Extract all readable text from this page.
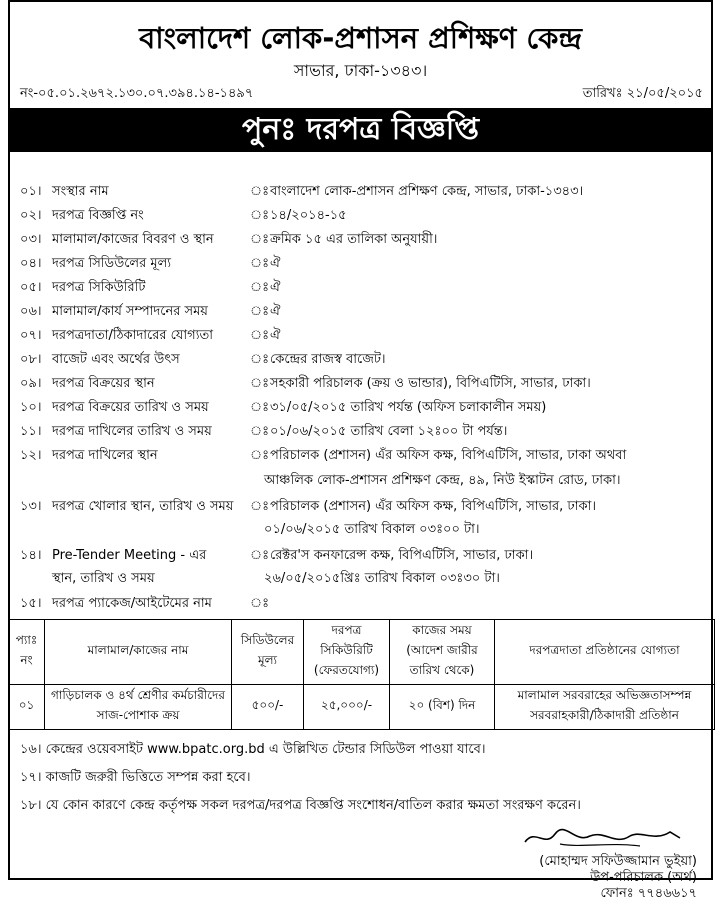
বাংলাদেশ লোক-প্রশাসন প্রশিক্ষণ কেন্দ্র
সাভার, ঢাকা-১৩৪৩।
নং-০৫.০১.২৬৭২.১৩০.০৭.৩৯৪.১৪-১৪৯৭	তারিখঃ ২১/০৫/২০১৫
পুনঃ দরপত্র বিজ্ঞপ্তি
০১। সংস্থার নাম	ঃবাংলাদেশ লোক-প্রশাসন প্রশিক্ষণ কেন্দ্র, সাভার, ঢাকা-১৩৪৩।
০২। দরপত্র বিজ্ঞপ্তি নং	ঃ১৪/২০১৪-১৫
০৩। মালামাল/কাজের বিবরণ ও স্থান	ঃক্রমিক ১৫ এর তালিকা অনুযায়ী।
০৪। দরপত্র সিডিউলের মূল্য	ঃঐ
০৫। দরপত্র সিকিউরিটি	ঃঐ
০৬। মালামাল/কার্য সম্পাদনের সময়	ঃঐ
০৭। দরপত্রদাতা/ঠিকাদারের যোগ্যতা	ঃঐ
০৮। বাজেট এবং অর্থের উৎস	ঃকেন্দ্রের রাজস্ব বাজেট।
০৯। দরপত্র বিক্রয়ের স্থান	ঃসহকারী পরিচালক (ক্রয় ও ভান্ডার), বিপিএটিসি, সাভার, ঢাকা।
১০। দরপত্র বিক্রয়ের তারিখ ও সময়	ঃ৩১/০৫/২০১৫ তারিখ পর্যন্ত (অফিস চলাকালীন সময়)
১১। দরপত্র দাখিলের তারিখ ও সময়	ঃ০১/০৬/২০১৫ তারিখ বেলা ১২ঃ০০ টা পর্যন্ত।
১২। দরপত্র দাখিলের স্থান	ঃপরিচালক (প্রশাসন) এঁর অফিস কক্ষ, বিপিএটিসি, সাভার, ঢাকা অথবা
আঞ্চলিক লোক-প্রশাসন প্রশিক্ষণ কেন্দ্র, ৪৯, নিউ ইস্কাটন রোড, ঢাকা।
১৩। দরপত্র খোলার স্থান, তারিখ ও সময় ঃপরিচালক (প্রশাসন) এঁর অফিস কক্ষ, বিপিএটিসি, সাভার, ঢাকা।
০১/০৬/২০১৫ তারিখ বিকাল ০৩ঃ০০ টা।
১৪। Pre-Tender Meeting - এর	ঃরেক্টর'স কনফারেন্স কক্ষ, বিপিএটিসি, সাভার, ঢাকা।
স্থান, তারিখ ও সময়	২৬/০৫/২০১৫খ্রিঃ তারিখ বিকাল ০৩ঃ৩০ টা।
১৫। দরপত্র প্যাকেজ/আইটেমের নাম	ঃ
প্যাঃ নং	মালামাল/কাজের নাম	সিডিউলের মূল্য	দরপত্র সিকিউরিটি (ফেরতযোগ্য)	কাজের সময় (আদেশ জারীর তারিখ থেকে)	দরপত্রদাতা প্রতিষ্ঠানের যোগ্যতা
০১	গাড়িচালক ও ৪র্থ শ্রেণীর কর্মচারীদের সাজ-পোশাক ক্রয়	৫০০/-	২৫,০০০/-	২০ (বিশ) দিন	মালামাল সরবরাহের অভিজ্ঞতাসম্পন্ন সরবরাহকারী/ঠিকাদারী প্রতিষ্ঠান
১৬। কেন্দ্রের ওয়েবসাইট www.bpatc.org.bd এ উল্লিখিত টেন্ডার সিডিউল পাওয়া যাবে।
১৭। কাজটি জরুরী ভিত্তিতে সম্পন্ন করা হবে।
১৮। যে কোন কারণে কেন্দ্র কর্তৃপক্ষ সকল দরপত্র/দরপত্র বিজ্ঞপ্তি সংশোধন/বাতিল করার ক্ষমতা সংরক্ষণ করেন।
(মোহাম্মদ সফিউজ্জামান ভুইয়া)
উপ-পরিচালক (অর্থ)
ফোনঃ ৭৭৪৬৬১৭
